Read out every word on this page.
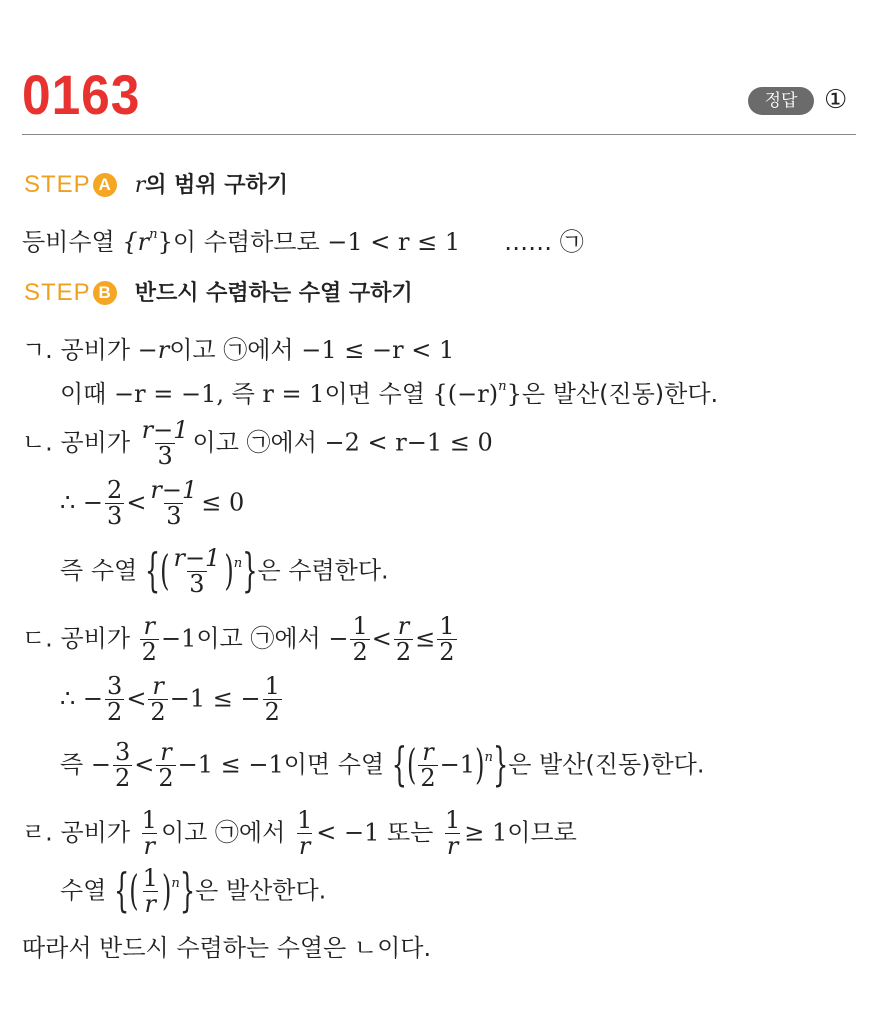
0163	정답	①
STEP A r의 범위 구하기
등비수열 $\{r^n\}$이 수렴하므로 −1 < r ≤ 1 …… ㉠
STEP B 반드시 수렴하는 수열 구하기
ㄱ. 공비가 −r이고 ㉠에서 −1 ≤ −r < 1
이때 −r = −1, 즉 r = 1이면 수열 $\{(-r)^n\}$은 발산(진동)한다.
ㄴ. 공비가 $\frac{r-1}{3}$ 이고 ㉠에서 −2 < r−1 ≤ 0
∴ − $\frac{2}{3} < \frac{r-1}{3} \le 0$
즉 수열 {( $\frac{r-1}{3} )^n$}은 수렴한다.
ㄷ. 공비가 $\frac{r}{2} -1$이고 ㉠에서 − $\frac{1}{2} < \frac{r}{2} \le \frac{1}{2}$
∴ − $\frac{3}{2} < \frac{r}{2} -1$ ≤ − $\frac{1}{2}$
즉 − $\frac{3}{2} < \frac{r}{2} -1 \le -1$이면 수열 {( $\frac{r}{2} -1)^n$}은 발산(진동)한다.
ㄹ. 공비가 $\frac{1}{r}$ 이고 ㉠에서 $\frac{1}{r} < -1$ 또는 $\frac{1}{r} \ge 1$이므로
수열 {( $\frac{1}{r} )^n$}은 발산한다.
따라서 반드시 수렴하는 수열은 ㄴ이다.
